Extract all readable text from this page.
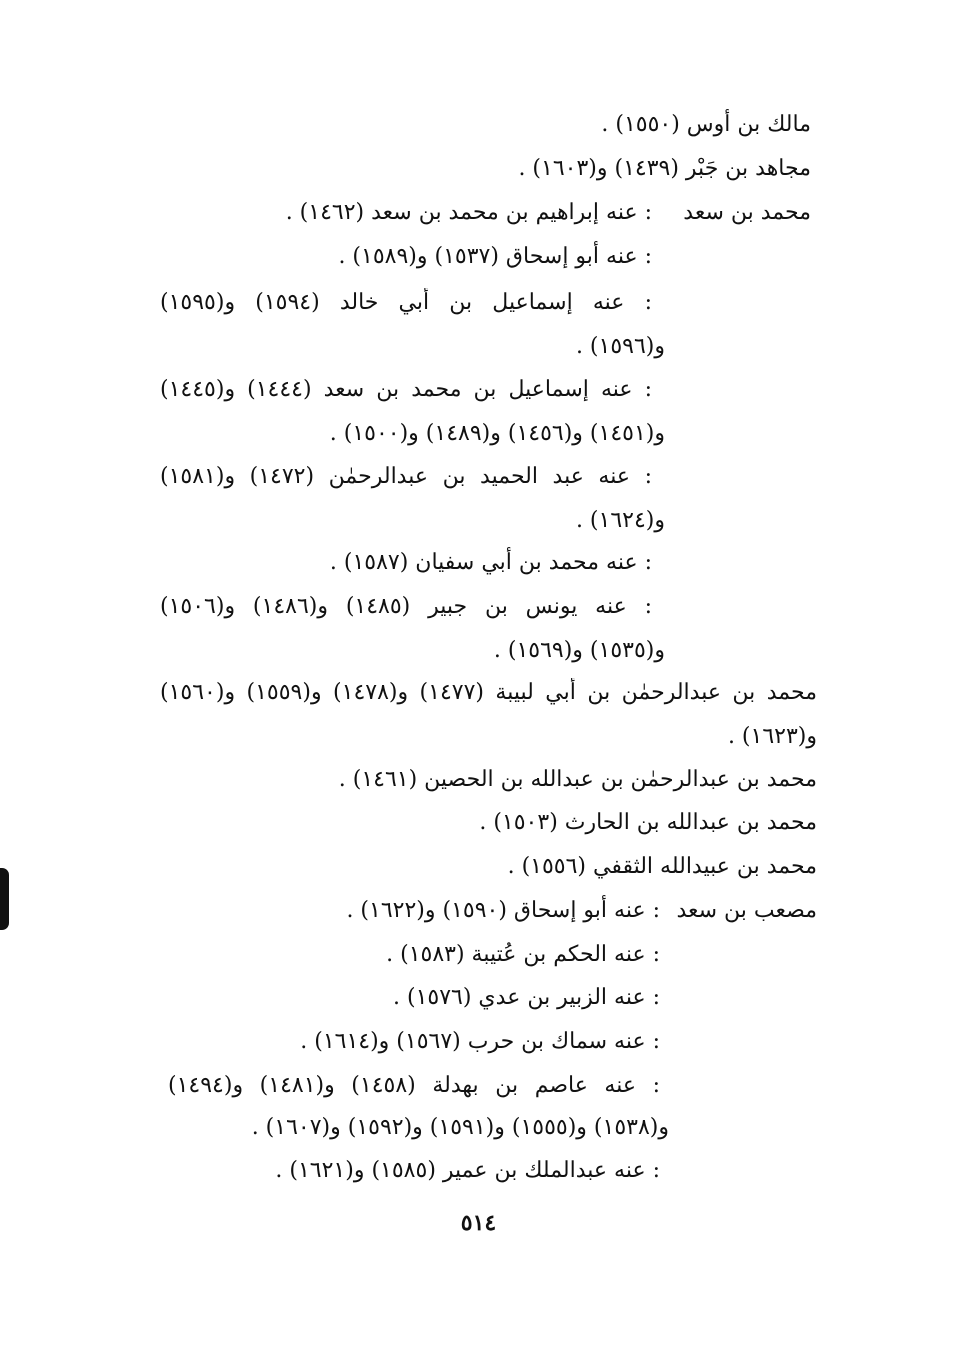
مالك بن أوس (١٥٥٠) .
مجاهد بن جَبْر (١٤٣٩) و(١٦٠٣) .
محمد بن سعد
: عنه إبراهيم بن محمد بن سعد (١٤٦٢) .
: عنه أبو إسحاق (١٥٣٧) و(١٥٨٩) .
: عنه إسماعيل بن أبي خالد (١٥٩٤) و(١٥٩٥)
و(١٥٩٦) .
: عنه إسماعيل بن محمد بن سعد (١٤٤٤) و(١٤٤٥)
و(١٤٥١) و(١٤٥٦) و(١٤٨٩) و(١٥٠٠) .
: عنه عبد الحميد بن عبدالرحمٰن (١٤٧٢) و(١٥٨١)
و(١٦٢٤) .
: عنه محمد بن أبي سفيان (١٥٨٧) .
: عنه يونس بن جبير (١٤٨٥) و(١٤٨٦) و(١٥٠٦)
و(١٥٣٥) و(١٥٦٩) .
محمد بن عبدالرحمٰن بن أبي لبيبة (١٤٧٧) و(١٤٧٨) و(١٥٥٩) و(١٥٦٠)
و(١٦٢٣) .
محمد بن عبدالرحمٰن بن عبدالله بن الحصين (١٤٦١) .
محمد بن عبدالله بن الحارث (١٥٠٣) .
محمد بن عبيدالله الثقفي (١٥٥٦) .
مصعب بن سعد
: عنه أبو إسحاق (١٥٩٠) و(١٦٢٢) .
: عنه الحكم بن عُتيبة (١٥٨٣) .
: عنه الزبير بن عدي (١٥٧٦) .
: عنه سماك بن حرب (١٥٦٧) و(١٦١٤) .
: عنه عاصم بن بهدلة (١٤٥٨) و(١٤٨١) و(١٤٩٤)
و(١٥٣٨) و(١٥٥٥) و(١٥٩١) و(١٥٩٢) و(١٦٠٧) .
: عنه عبدالملك بن عمير (١٥٨٥) و(١٦٢١) .
٥١٤
